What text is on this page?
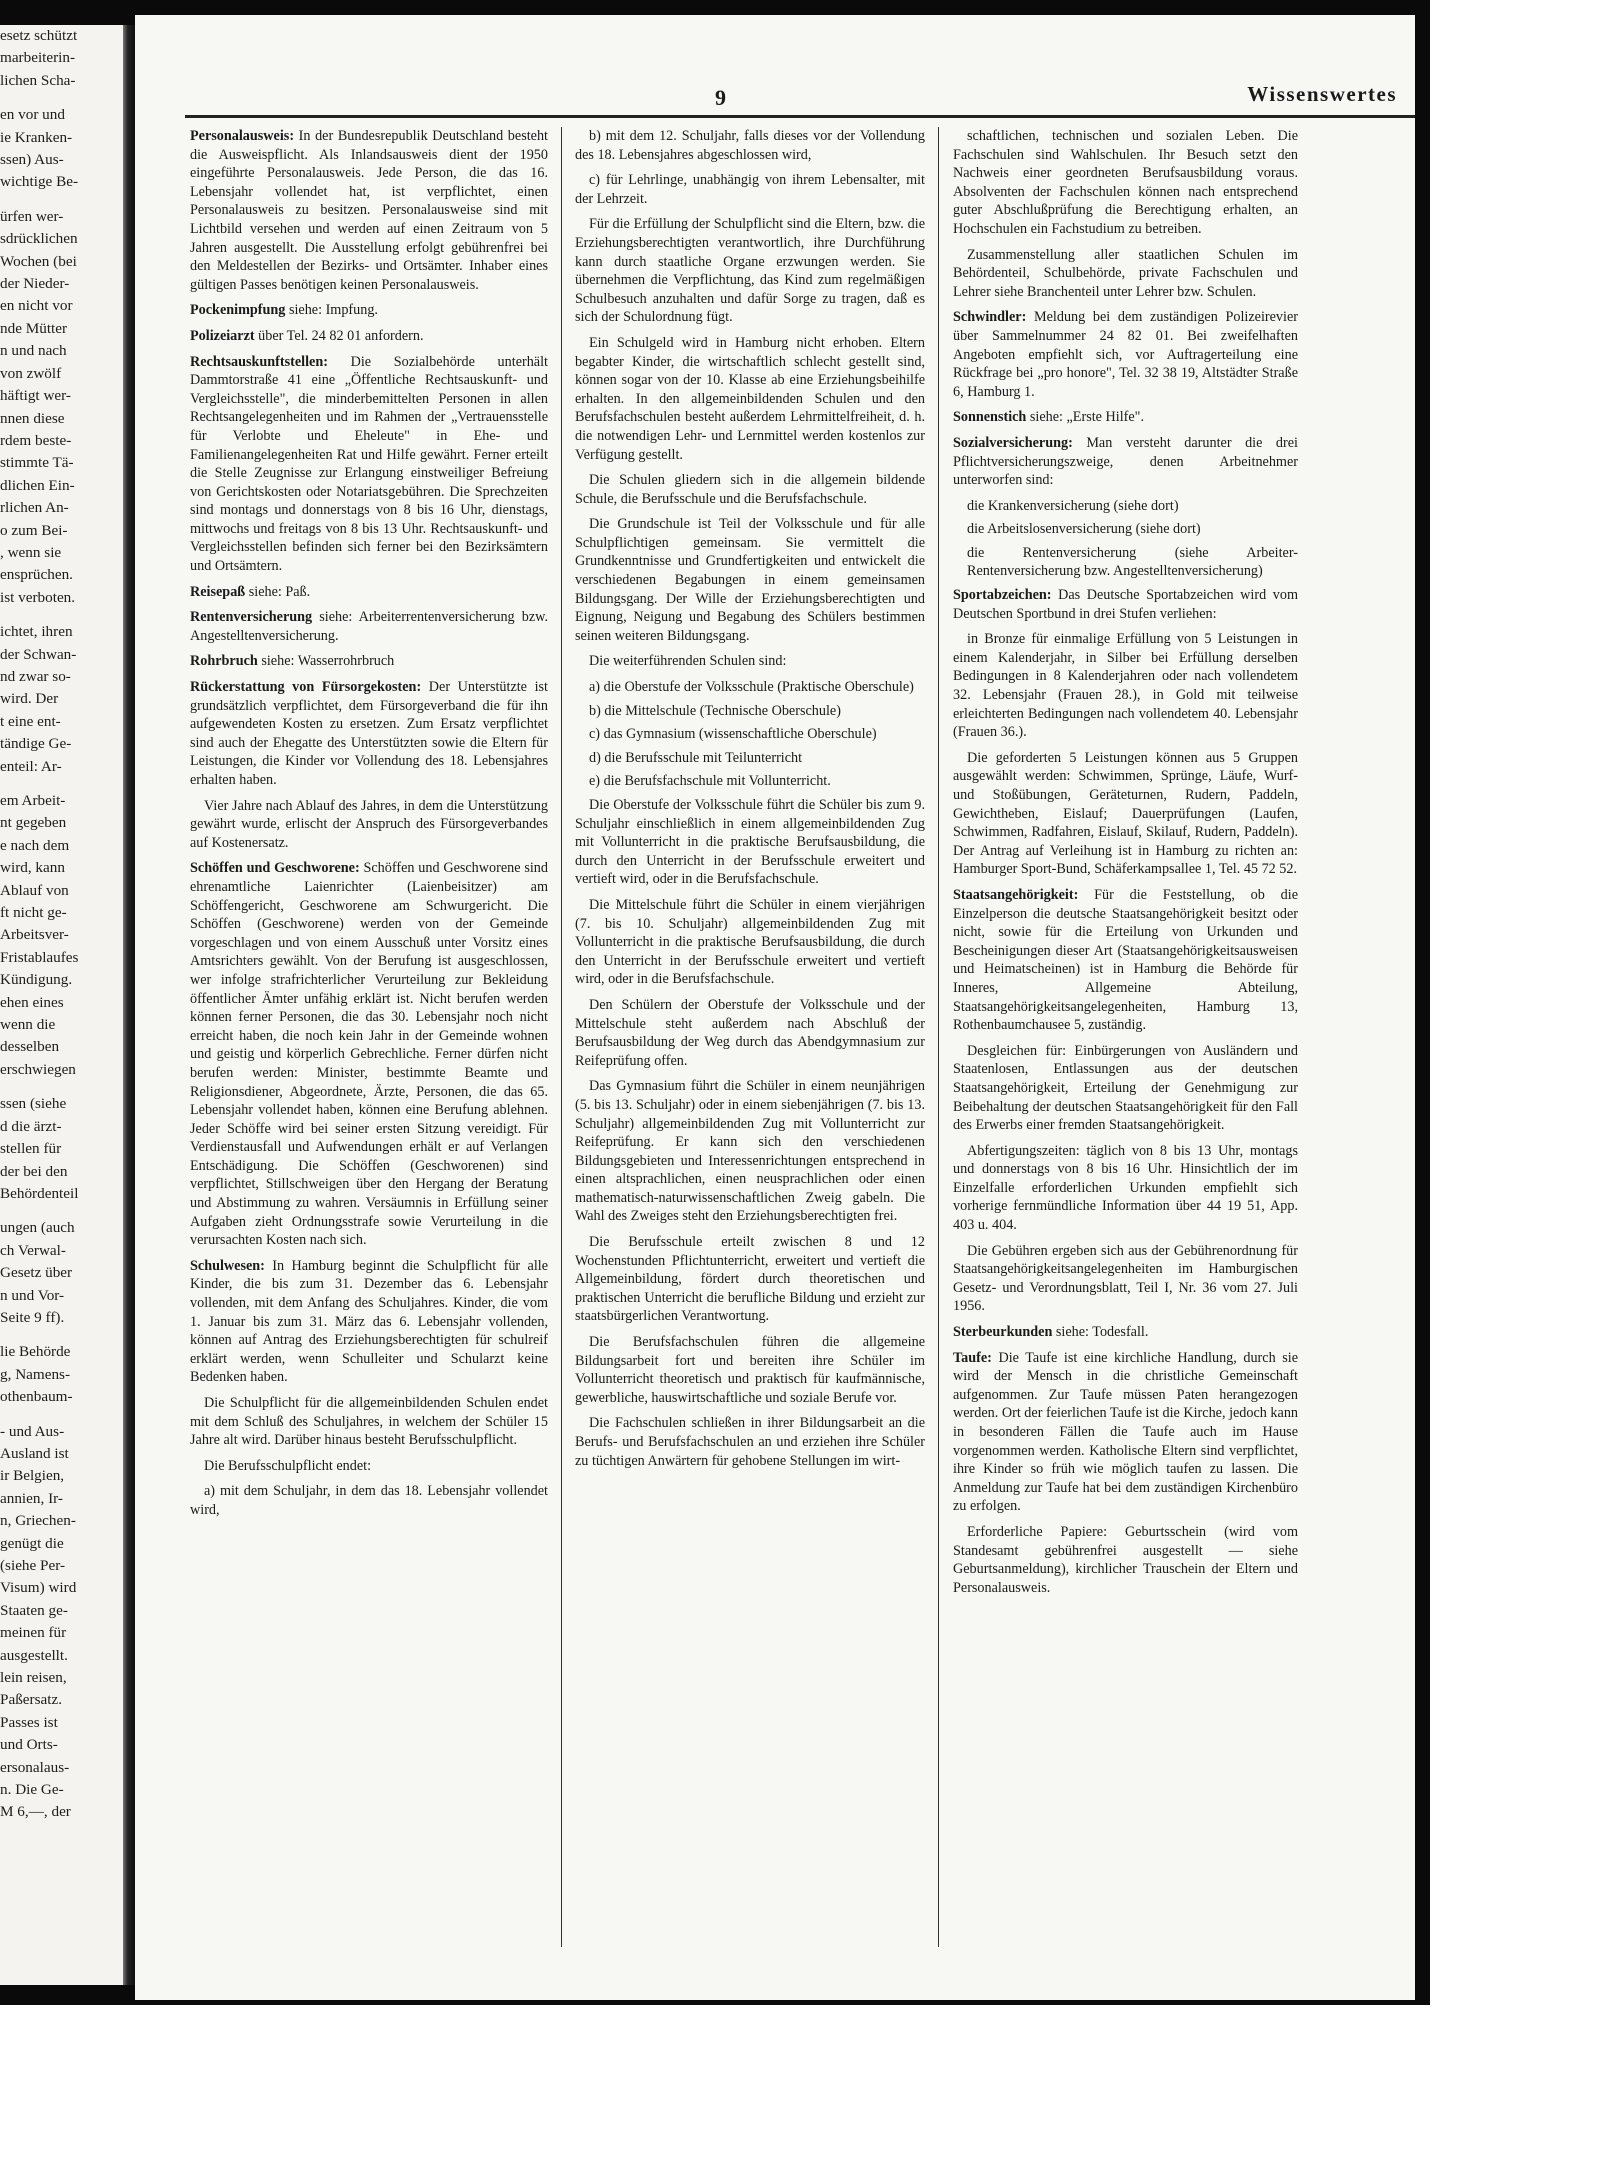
esetz schützt

marbeiterin-

lichen Scha-

en vor und

ie Kranken-

ssen) Aus-

wichtige Be-

ürfen wer-

sdrücklichen

Wochen (bei

der Nieder-

en nicht vor

nde Mütter

n und nach

von zwölf

häftigt wer-

nnen diese

rdem beste-

stimmte Tä-

dlichen Ein-

rlichen An-

o zum Bei-

, wenn sie

ensprüchen.

ist verboten.

ichtet, ihren

der Schwan-

nd zwar so-

wird. Der

t eine ent-

tändige Ge-

enteil: Ar-

em Arbeit-

nt gegeben

e nach dem

wird, kann

Ablauf von

ft nicht ge-

Arbeitsver-

Fristablaufes

Kündigung.

ehen eines

wenn die

desselben

erschwiegen

ssen (siehe

d die ärzt-

stellen für

der bei den

Behördenteil

ungen (auch

ch Verwal-

Gesetz über

n und Vor-

Seite 9 ff).

lie Behörde

g, Namens-

othenbaum-

- und Aus-

Ausland ist

ir Belgien,

annien, Ir-

n, Griechen-

genügt die

(siehe Per-

Visum) wird

Staaten ge-

meinen für

ausgestellt.

lein reisen,

Paßersatz.

Passes ist

und Orts-

ersonalaus-

n. Die Ge-

M 6,—, der

9	Wissenswertes

Personalausweis: In der Bundesrepublik Deutschland besteht die Ausweispflicht. Als Inlandsausweis dient der 1950 eingeführte Personalausweis. Jede Person, die das 16. Lebensjahr vollendet hat, ist verpflichtet, einen Personalausweis zu besitzen. Personalausweise sind mit Lichtbild versehen und werden auf einen Zeitraum von 5 Jahren ausgestellt. Die Ausstellung erfolgt gebührenfrei bei den Meldestellen der Bezirks- und Ortsämter. Inhaber eines gültigen Passes benötigen keinen Personalausweis.

Pockenimpfung siehe: Impfung.

Polizeiarzt über Tel. 24 82 01 anfordern.

Rechtsauskunftstellen: Die Sozialbehörde unterhält Dammtorstraße 41 eine „Öffentliche Rechtsauskunft- und Vergleichsstelle", die minderbemittelten Personen in allen Rechtsangelegenheiten und im Rahmen der „Vertrauensstelle für Verlobte und Eheleute" in Ehe- und Familienangelegenheiten Rat und Hilfe gewährt. Ferner erteilt die Stelle Zeugnisse zur Erlangung einstweiliger Befreiung von Gerichtskosten oder Notariatsgebühren. Die Sprechzeiten sind montags und donnerstags von 8 bis 16 Uhr, dienstags, mittwochs und freitags von 8 bis 13 Uhr. Rechtsauskunft- und Vergleichsstellen befinden sich ferner bei den Bezirksämtern und Ortsämtern.

Reisepaß siehe: Paß.

Rentenversicherung siehe: Arbeiterrentenversicherung bzw. Angestelltenversicherung.

Rohrbruch siehe: Wasserrohrbruch

Rückerstattung von Fürsorgekosten: Der Unterstützte ist grundsätzlich verpflichtet, dem Fürsorgeverband die für ihn aufgewendeten Kosten zu ersetzen. Zum Ersatz verpflichtet sind auch der Ehegatte des Unterstützten sowie die Eltern für Leistungen, die Kinder vor Vollendung des 18. Lebensjahres erhalten haben.

Vier Jahre nach Ablauf des Jahres, in dem die Unterstützung gewährt wurde, erlischt der Anspruch des Fürsorgeverbandes auf Kostenersatz.

Schöffen und Geschworene: Schöffen und Geschworene sind ehrenamtliche Laienrichter (Laienbeisitzer) am Schöffengericht, Geschworene am Schwurgericht. Die Schöffen (Geschworene) werden von der Gemeinde vorgeschlagen und von einem Ausschuß unter Vorsitz eines Amtsrichters gewählt. Von der Berufung ist ausgeschlossen, wer infolge strafrichterlicher Verurteilung zur Bekleidung öffentlicher Ämter unfähig erklärt ist. Nicht berufen werden können ferner Personen, die das 30. Lebensjahr noch nicht erreicht haben, die noch kein Jahr in der Gemeinde wohnen und geistig und körperlich Gebrechliche. Ferner dürfen nicht berufen werden: Minister, bestimmte Beamte und Religionsdiener, Abgeordnete, Ärzte, Personen, die das 65. Lebensjahr vollendet haben, können eine Berufung ablehnen. Jeder Schöffe wird bei seiner ersten Sitzung vereidigt. Für Verdienstausfall und Aufwendungen erhält er auf Verlangen Entschädigung. Die Schöffen (Geschworenen) sind verpflichtet, Stillschweigen über den Hergang der Beratung und Abstimmung zu wahren. Versäumnis in Erfüllung seiner Aufgaben zieht Ordnungsstrafe sowie Verurteilung in die verursachten Kosten nach sich.

Schulwesen: In Hamburg beginnt die Schulpflicht für alle Kinder, die bis zum 31. Dezember das 6. Lebensjahr vollenden, mit dem Anfang des Schuljahres. Kinder, die vom 1. Januar bis zum 31. März das 6. Lebensjahr vollenden, können auf Antrag des Erziehungsberechtigten für schulreif erklärt werden, wenn Schulleiter und Schularzt keine Bedenken haben.

Die Schulpflicht für die allgemeinbildenden Schulen endet mit dem Schluß des Schuljahres, in welchem der Schüler 15 Jahre alt wird. Darüber hinaus besteht Berufsschulpflicht.

Die Berufsschulpflicht endet:

a) mit dem Schuljahr, in dem das 18. Lebensjahr vollendet wird,

b) mit dem 12. Schuljahr, falls dieses vor der Vollendung des 18. Lebensjahres abgeschlossen wird,

c) für Lehrlinge, unabhängig von ihrem Lebensalter, mit der Lehrzeit.

Für die Erfüllung der Schulpflicht sind die Eltern, bzw. die Erziehungsberechtigten verantwortlich, ihre Durchführung kann durch staatliche Organe erzwungen werden. Sie übernehmen die Verpflichtung, das Kind zum regelmäßigen Schulbesuch anzuhalten und dafür Sorge zu tragen, daß es sich der Schulordnung fügt.

Ein Schulgeld wird in Hamburg nicht erhoben. Eltern begabter Kinder, die wirtschaftlich schlecht gestellt sind, können sogar von der 10. Klasse ab eine Erziehungsbeihilfe erhalten. In den allgemeinbildenden Schulen und den Berufsfachschulen besteht außerdem Lehrmittelfreiheit, d. h. die notwendigen Lehr- und Lernmittel werden kostenlos zur Verfügung gestellt.

Die Schulen gliedern sich in die allgemein bildende Schule, die Berufsschule und die Berufsfachschule.

Die Grundschule ist Teil der Volksschule und für alle Schulpflichtigen gemeinsam. Sie vermittelt die Grundkenntnisse und Grundfertigkeiten und entwickelt die verschiedenen Begabungen in einem gemeinsamen Bildungsgang. Der Wille der Erziehungsberechtigten und Eignung, Neigung und Begabung des Schülers bestimmen seinen weiteren Bildungsgang.

Die weiterführenden Schulen sind:

a) die Oberstufe der Volksschule (Praktische Oberschule)

b) die Mittelschule (Technische Oberschule)

c) das Gymnasium (wissenschaftliche Oberschule)

d) die Berufsschule mit Teilunterricht

e) die Berufsfachschule mit Vollunterricht.

Die Oberstufe der Volksschule führt die Schüler bis zum 9. Schuljahr einschließlich in einem allgemeinbildenden Zug mit Vollunterricht in die praktische Berufsausbildung, die durch den Unterricht in der Berufsschule erweitert und vertieft wird, oder in die Berufsfachschule.

Die Mittelschule führt die Schüler in einem vierjährigen (7. bis 10. Schuljahr) allgemeinbildenden Zug mit Vollunterricht in die praktische Berufsausbildung, die durch den Unterricht in der Berufsschule erweitert und vertieft wird, oder in die Berufsfachschule.

Den Schülern der Oberstufe der Volksschule und der Mittelschule steht außerdem nach Abschluß der Berufsausbildung der Weg durch das Abendgymnasium zur Reifeprüfung offen.

Das Gymnasium führt die Schüler in einem neunjährigen (5. bis 13. Schuljahr) oder in einem siebenjährigen (7. bis 13. Schuljahr) allgemeinbildenden Zug mit Vollunterricht zur Reifeprüfung. Er kann sich den verschiedenen Bildungsgebieten und Interessenrichtungen entsprechend in einen altsprachlichen, einen neusprachlichen oder einen mathematisch-naturwissenschaftlichen Zweig gabeln. Die Wahl des Zweiges steht den Erziehungsberechtigten frei.

Die Berufsschule erteilt zwischen 8 und 12 Wochenstunden Pflichtunterricht, erweitert und vertieft die Allgemeinbildung, fördert durch theoretischen und praktischen Unterricht die berufliche Bildung und erzieht zur staatsbürgerlichen Verantwortung.

Die Berufsfachschulen führen die allgemeine Bildungsarbeit fort und bereiten ihre Schüler im Vollunterricht theoretisch und praktisch für kaufmännische, gewerbliche, hauswirtschaftliche und soziale Berufe vor.

Die Fachschulen schließen in ihrer Bildungsarbeit an die Berufs- und Berufsfachschulen an und erziehen ihre Schüler zu tüchtigen Anwärtern für gehobene Stellungen im wirt-

schaftlichen, technischen und sozialen Leben. Die Fachschulen sind Wahlschulen. Ihr Besuch setzt den Nachweis einer geordneten Berufsausbildung voraus. Absolventen der Fachschulen können nach entsprechend guter Abschlußprüfung die Berechtigung erhalten, an Hochschulen ein Fachstudium zu betreiben.

Zusammenstellung aller staatlichen Schulen im Behördenteil, Schulbehörde, private Fachschulen und Lehrer siehe Branchenteil unter Lehrer bzw. Schulen.

Schwindler: Meldung bei dem zuständigen Polizeirevier über Sammelnummer 24 82 01. Bei zweifelhaften Angeboten empfiehlt sich, vor Auftragerteilung eine Rückfrage bei „pro honore", Tel. 32 38 19, Altstädter Straße 6, Hamburg 1.

Sonnenstich siehe: „Erste Hilfe".

Sozialversicherung: Man versteht darunter die drei Pflichtversicherungszweige, denen Arbeitnehmer unterworfen sind:

die Krankenversicherung (siehe dort)

die Arbeitslosenversicherung (siehe dort)

die Rentenversicherung (siehe Arbeiter-Rentenversicherung bzw. Angestelltenversicherung)

Sportabzeichen: Das Deutsche Sportabzeichen wird vom Deutschen Sportbund in drei Stufen verliehen:

in Bronze für einmalige Erfüllung von 5 Leistungen in einem Kalenderjahr, in Silber bei Erfüllung derselben Bedingungen in 8 Kalenderjahren oder nach vollendetem 32. Lebensjahr (Frauen 28.), in Gold mit teilweise erleichterten Bedingungen nach vollendetem 40. Lebensjahr (Frauen 36.).

Die geforderten 5 Leistungen können aus 5 Gruppen ausgewählt werden: Schwimmen, Sprünge, Läufe, Wurf- und Stoßübungen, Geräteturnen, Rudern, Paddeln, Gewichtheben, Eislauf; Dauerprüfungen (Laufen, Schwimmen, Radfahren, Eislauf, Skilauf, Rudern, Paddeln). Der Antrag auf Verleihung ist in Hamburg zu richten an: Hamburger Sport-Bund, Schäferkampsallee 1, Tel. 45 72 52.

Staatsangehörigkeit: Für die Feststellung, ob die Einzelperson die deutsche Staatsangehörigkeit besitzt oder nicht, sowie für die Erteilung von Urkunden und Bescheinigungen dieser Art (Staatsangehörigkeitsausweisen und Heimatscheinen) ist in Hamburg die Behörde für Inneres, Allgemeine Abteilung, Staatsangehörigkeitsangelegenheiten, Hamburg 13, Rothenbaumchausee 5, zuständig.

Desgleichen für: Einbürgerungen von Ausländern und Staatenlosen, Entlassungen aus der deutschen Staatsangehörigkeit, Erteilung der Genehmigung zur Beibehaltung der deutschen Staatsangehörigkeit für den Fall des Erwerbs einer fremden Staatsangehörigkeit.

Abfertigungszeiten: täglich von 8 bis 13 Uhr, montags und donnerstags von 8 bis 16 Uhr. Hinsichtlich der im Einzelfalle erforderlichen Urkunden empfiehlt sich vorherige fernmündliche Information über 44 19 51, App. 403 u. 404.

Die Gebühren ergeben sich aus der Gebührenordnung für Staatsangehörigkeitsangelegenheiten im Hamburgischen Gesetz- und Verordnungsblatt, Teil I, Nr. 36 vom 27. Juli 1956.

Sterbeurkunden siehe: Todesfall.

Taufe: Die Taufe ist eine kirchliche Handlung, durch sie wird der Mensch in die christliche Gemeinschaft aufgenommen. Zur Taufe müssen Paten herangezogen werden. Ort der feierlichen Taufe ist die Kirche, jedoch kann in besonderen Fällen die Taufe auch im Hause vorgenommen werden. Katholische Eltern sind verpflichtet, ihre Kinder so früh wie möglich taufen zu lassen. Die Anmeldung zur Taufe hat bei dem zuständigen Kirchenbüro zu erfolgen.

Erforderliche Papiere: Geburtsschein (wird vom Standesamt gebührenfrei ausgestellt — siehe Geburtsanmeldung), kirchlicher Trauschein der Eltern und Personalausweis.
